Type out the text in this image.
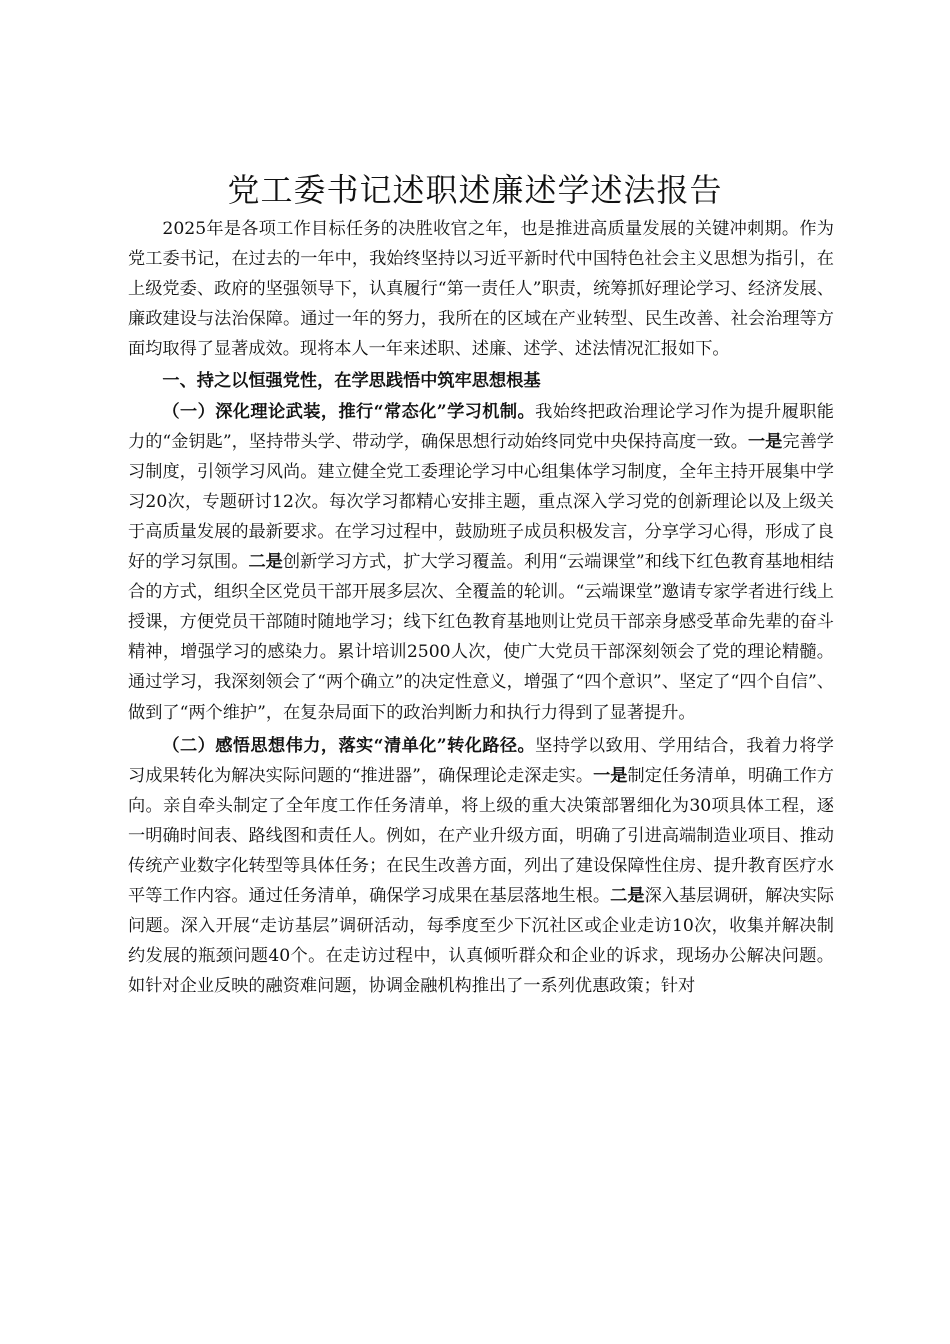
党工委书记述职述廉述学述法报告

2025年是各项工作目标任务的决胜收官之年，也是推进高质量发展的关键冲刺期。作为党工委书记，在过去的一年中，我始终坚持以习近平新时代中国特色社会主义思想为指引，在上级党委、政府的坚强领导下，认真履行“第一责任人”职责，统筹抓好理论学习、经济发展、廉政建设与法治保障。通过一年的努力，我所在的区域在产业转型、民生改善、社会治理等方面均取得了显著成效。现将本人一年来述职、述廉、述学、述法情况汇报如下。

一、持之以恒强党性，在学思践悟中筑牢思想根基

（一）深化理论武装，推行“常态化”学习机制。我始终把政治理论学习作为提升履职能力的“金钥匙”，坚持带头学、带动学，确保思想行动始终同党中央保持高度一致。一是完善学习制度，引领学习风尚。建立健全党工委理论学习中心组集体学习制度，全年主持开展集中学习20次，专题研讨12次。每次学习都精心安排主题，重点深入学习党的创新理论以及上级关于高质量发展的最新要求。在学习过程中，鼓励班子成员积极发言，分享学习心得，形成了良好的学习氛围。二是创新学习方式，扩大学习覆盖。利用“云端课堂”和线下红色教育基地相结合的方式，组织全区党员干部开展多层次、全覆盖的轮训。“云端课堂”邀请专家学者进行线上授课，方便党员干部随时随地学习；线下红色教育基地则让党员干部亲身感受革命先辈的奋斗精神，增强学习的感染力。累计培训2500人次，使广大党员干部深刻领会了党的理论精髓。通过学习，我深刻领会了“两个确立”的决定性意义，增强了“四个意识”、坚定了“四个自信”、做到了“两个维护”，在复杂局面下的政治判断力和执行力得到了显著提升。

（二）感悟思想伟力，落实“清单化”转化路径。坚持学以致用、学用结合，我着力将学习成果转化为解决实际问题的“推进器”，确保理论走深走实。一是制定任务清单，明确工作方向。亲自牵头制定了全年度工作任务清单，将上级的重大决策部署细化为30项具体工程，逐一明确时间表、路线图和责任人。例如，在产业升级方面，明确了引进高端制造业项目、推动传统产业数字化转型等具体任务；在民生改善方面，列出了建设保障性住房、提升教育医疗水平等工作内容。通过任务清单，确保学习成果在基层落地生根。二是深入基层调研，解决实际问题。深入开展“走访基层”调研活动，每季度至少下沉社区或企业走访10次，收集并解决制约发展的瓶颈问题40个。在走访过程中，认真倾听群众和企业的诉求，现场办公解决问题。如针对企业反映的融资难问题，协调金融机构推出了一系列优惠政策；针对
